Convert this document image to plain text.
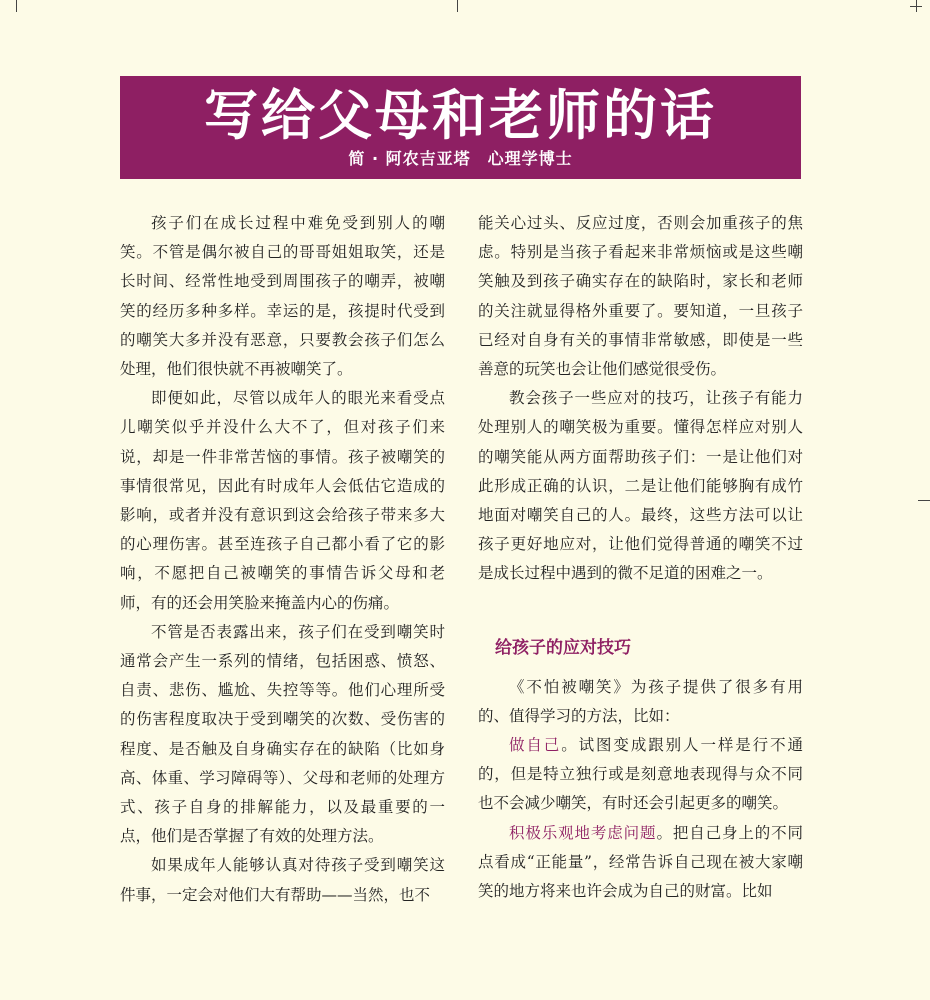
写给父母和老师的话
简 · 阿农吉亚塔　心理学博士

孩子们在成长过程中难免受到别人的嘲笑。不管是偶尔被自己的哥哥姐姐取笑，还是长时间、经常性地受到周围孩子的嘲弄，被嘲笑的经历多种多样。幸运的是，孩提时代受到的嘲笑大多并没有恶意，只要教会孩子们怎么处理，他们很快就不再被嘲笑了。

即便如此，尽管以成年人的眼光来看受点儿嘲笑似乎并没什么大不了，但对孩子们来说，却是一件非常苦恼的事情。孩子被嘲笑的事情很常见，因此有时成年人会低估它造成的影响，或者并没有意识到这会给孩子带来多大的心理伤害。甚至连孩子自己都小看了它的影响，不愿把自己被嘲笑的事情告诉父母和老师，有的还会用笑脸来掩盖内心的伤痛。

不管是否表露出来，孩子们在受到嘲笑时通常会产生一系列的情绪，包括困惑、愤怒、自责、悲伤、尴尬、失控等等。他们心理所受的伤害程度取决于受到嘲笑的次数、受伤害的程度、是否触及自身确实存在的缺陷（比如身高、体重、学习障碍等）、父母和老师的处理方式、孩子自身的排解能力，以及最重要的一点，他们是否掌握了有效的处理方法。

如果成年人能够认真对待孩子受到嘲笑这件事，一定会对他们大有帮助——当然，也不

能关心过头、反应过度，否则会加重孩子的焦虑。特别是当孩子看起来非常烦恼或是这些嘲笑触及到孩子确实存在的缺陷时，家长和老师的关注就显得格外重要了。要知道，一旦孩子已经对自身有关的事情非常敏感，即使是一些善意的玩笑也会让他们感觉很受伤。

教会孩子一些应对的技巧，让孩子有能力处理别人的嘲笑极为重要。懂得怎样应对别人的嘲笑能从两方面帮助孩子们：一是让他们对此形成正确的认识，二是让他们能够胸有成竹地面对嘲笑自己的人。最终，这些方法可以让孩子更好地应对，让他们觉得普通的嘲笑不过是成长过程中遇到的微不足道的困难之一。

给孩子的应对技巧

《不怕被嘲笑》为孩子提供了很多有用的、值得学习的方法，比如：

做自己。试图变成跟别人一样是行不通的，但是特立独行或是刻意地表现得与众不同也不会减少嘲笑，有时还会引起更多的嘲笑。

积极乐观地考虑问题。把自己身上的不同点看成“正能量”，经常告诉自己现在被大家嘲笑的地方将来也许会成为自己的财富。比如
